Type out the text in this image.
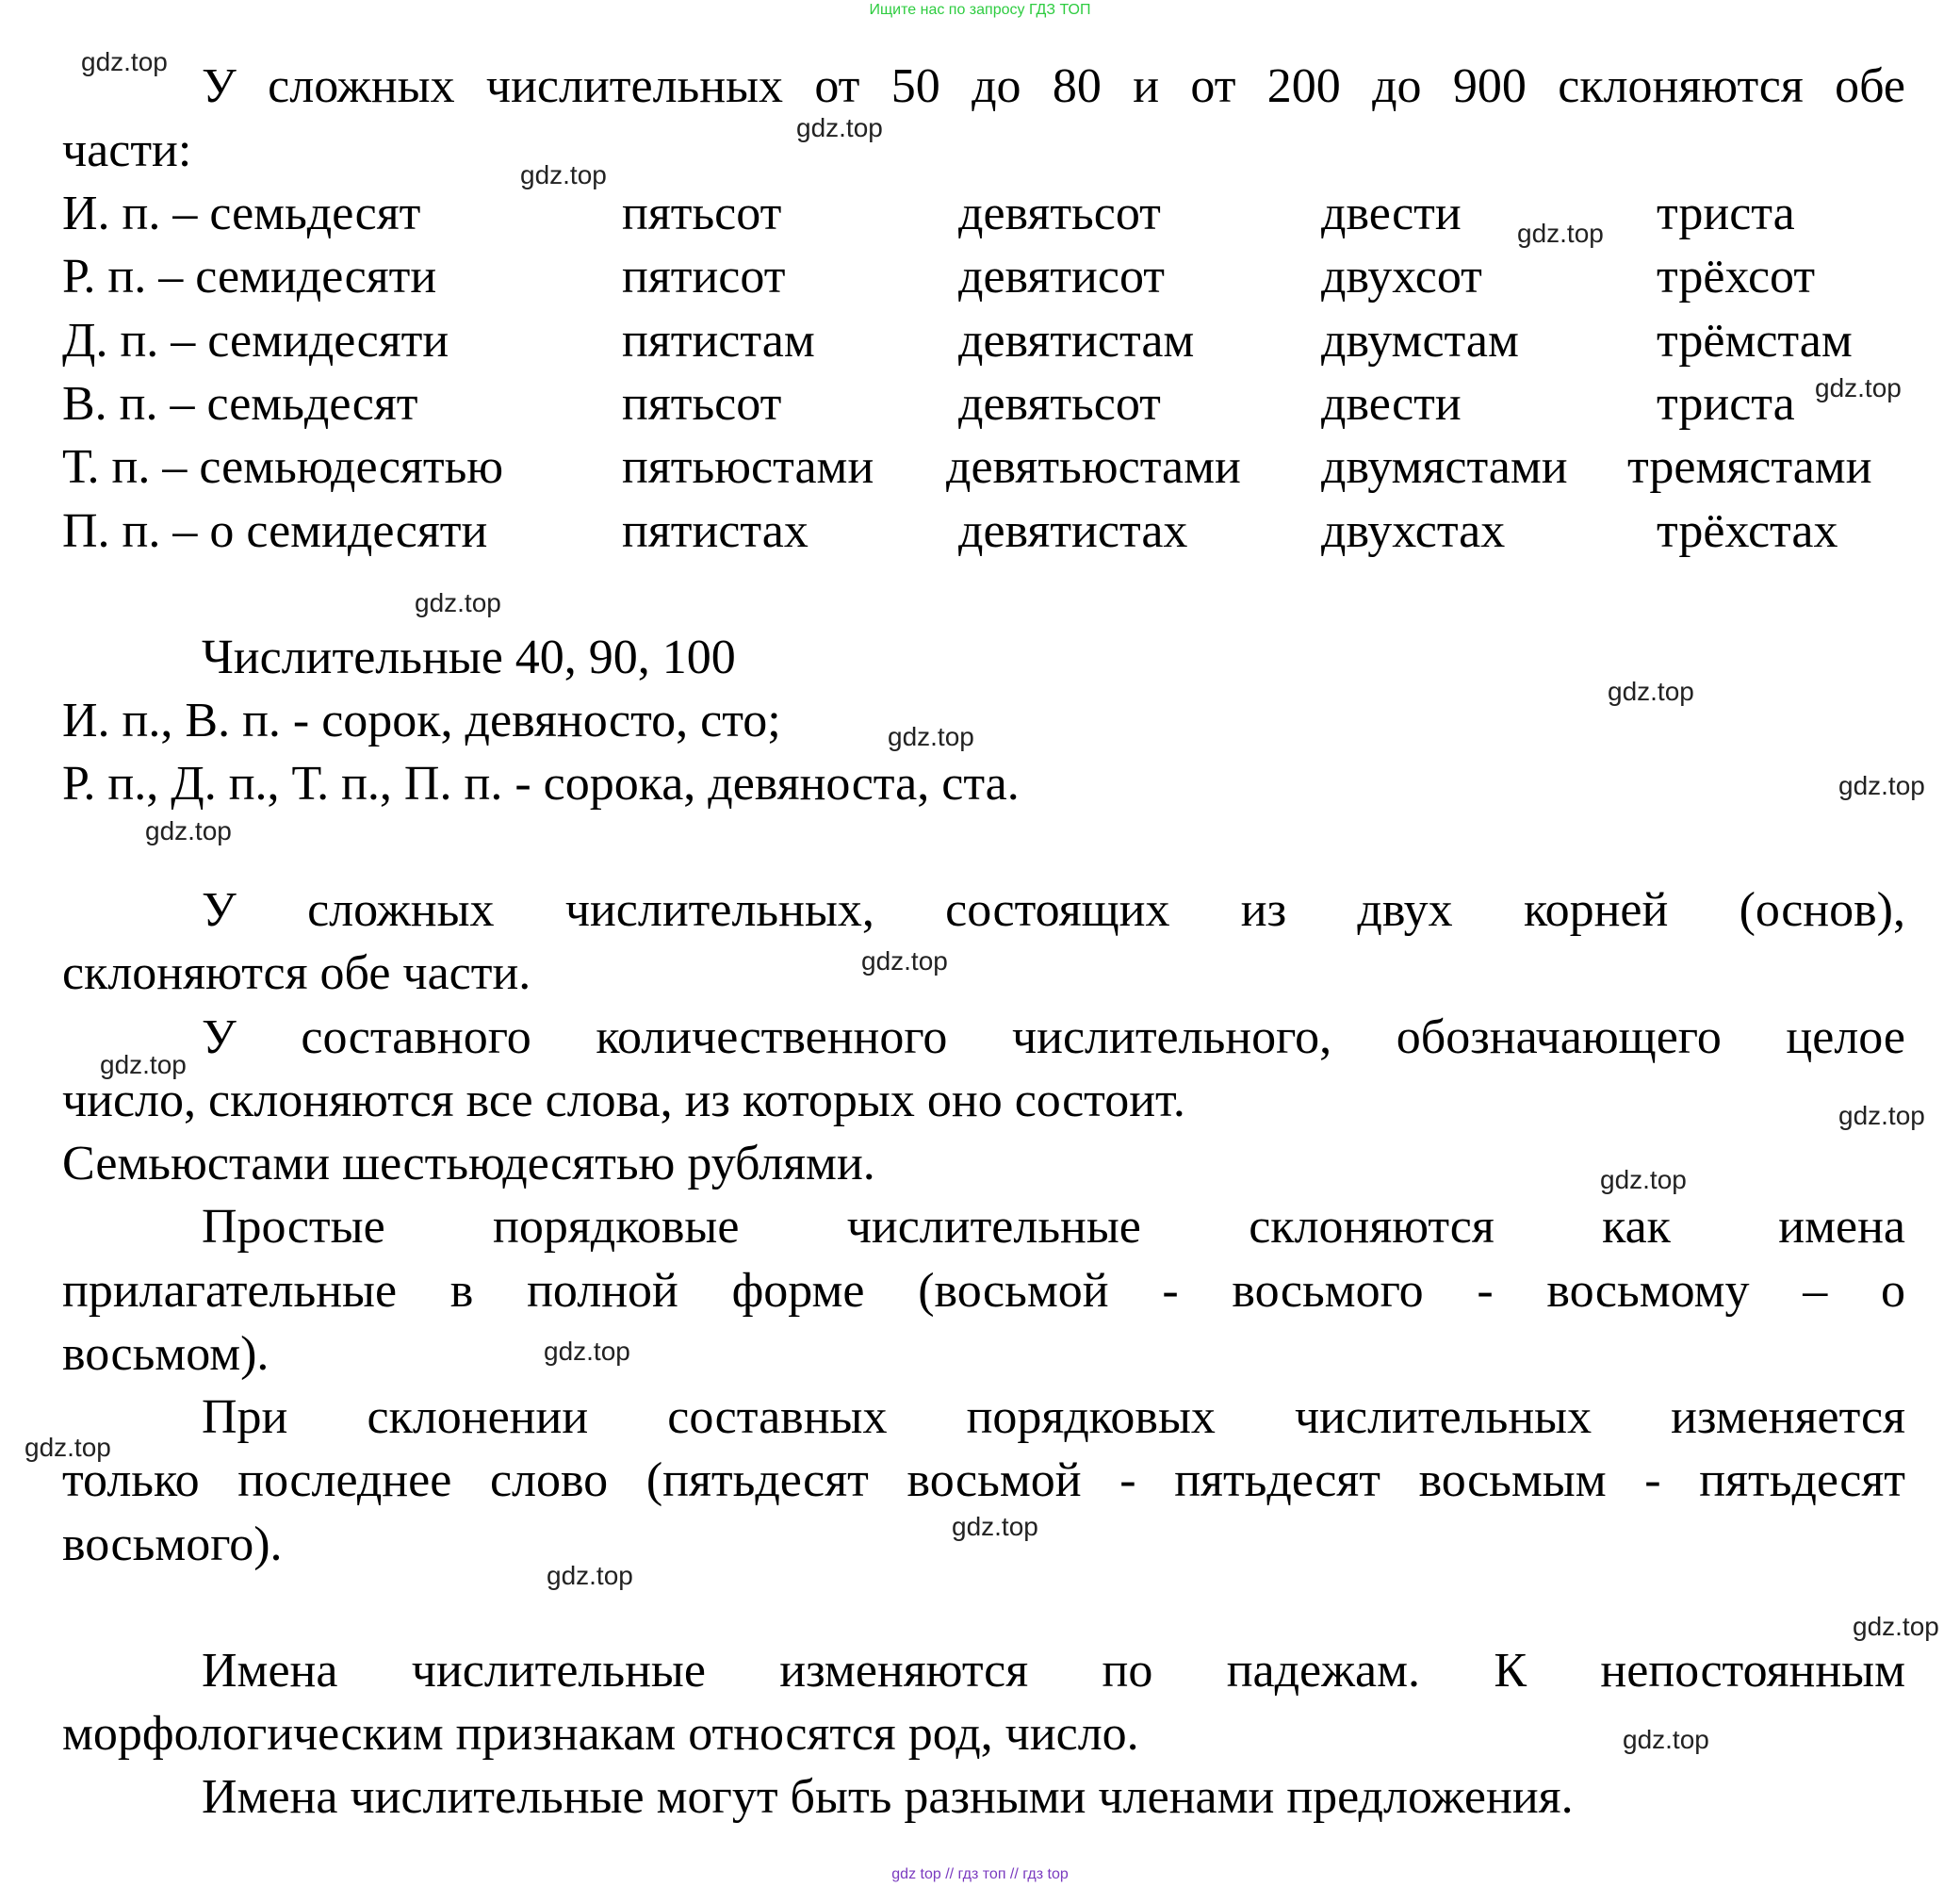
Ищите нас по запросу ГДЗ ТОП
У сложных числительных от 50 до 80 и от 200 до 900 склоняются обе
части:
И. п. – семьдесят	пятьсот	девятьсот	двести	триста
Р. п. – семидесяти	пятисот	девятисот	двухсот	трёхсот
Д. п. – семидесяти	пятистам	девятистам	двумстам	трёмстам
В. п. – семьдесят	пятьсот	девятьсот	двести	триста
Т. п. – семьюдесятью пятьюстами девятьюстами двумястами тремястами
П. п. – о семидесяти	пятистах	девятистах	двухстах	трёхстах
Числительные 40, 90, 100
И. п., В. п. - сорок, девяносто, сто;
Р. п., Д. п., Т. п., П. п. - сорока, девяноста, ста.
У сложных числительных, состоящих из двух корней (основ),
склоняются обе части.
У составного количественного числительного, обозначающего целое
число, склоняются все слова, из которых оно состоит.
Семьюстами шестьюдесятью рублями.
Простые порядковые числительные склоняются как имена
прилагательные в полной форме (восьмой - восьмого - восьмому – о
восьмом).
При склонении составных порядковых числительных изменяется
только последнее слово (пятьдесят восьмой - пятьдесят восьмым - пятьдесят
восьмого).
Имена числительные изменяются по падежам. К непостоянным
морфологическим признакам относятся род, число.
Имена числительные могут быть разными членами предложения.
gdz.top
gdz.top
gdz.top
gdz.top
gdz.top
gdz.top
gdz.top
gdz.top
gdz.top
gdz.top
gdz.top
gdz.top
gdz.top
gdz.top
gdz.top
gdz.top
gdz.top
gdz.top
gdz.top
gdz.top
gdz top // гдз топ // гдз top
